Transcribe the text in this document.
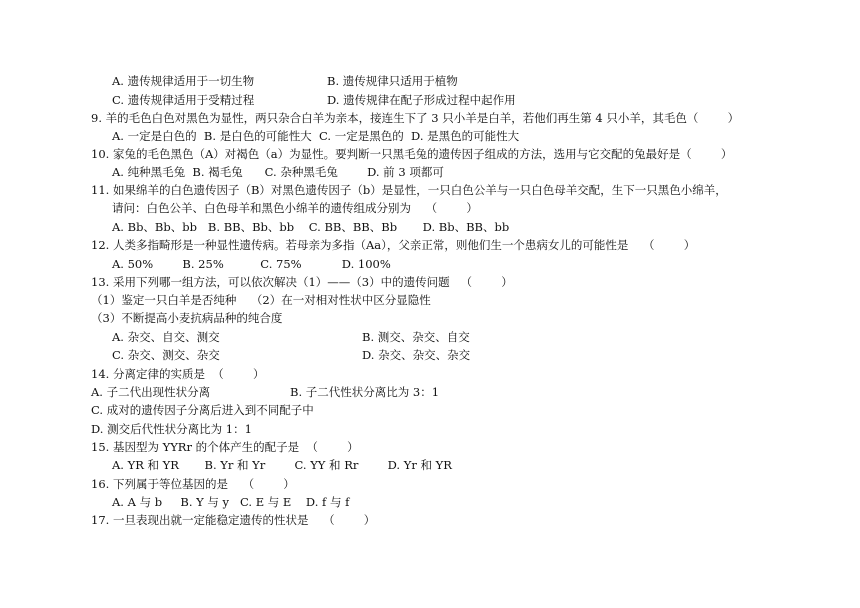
A. 遗传规律适用于一切生物	B. 遗传规律只适用于植物
C. 遗传规律适用于受精过程	D. 遗传规律在配子形成过程中起作用
9. 羊的毛色白色对黑色为显性，两只杂合白羊为亲本，接连生下了 3 只小羊是白羊，若他们再生第 4 只小羊，其毛色（        ）
A. 一定是白色的  B. 是白色的可能性大  C. 一定是黑色的  D. 是黑色的可能性大
10. 家兔的毛色黑色（A）对褐色（a）为显性。要判断一只黑毛兔的遗传因子组成的方法，选用与它交配的兔最好是（        ）
A. 纯种黑毛兔  B. 褐毛兔      C. 杂种黑毛兔        D. 前 3 项都可
11. 如果绵羊的白色遗传因子（B）对黑色遗传因子（b）是显性，一只白色公羊与一只白色母羊交配，生下一只黑色小绵羊，
请问：白色公羊、白色母羊和黑色小绵羊的遗传组成分别为    （        ）
A. Bb、Bb、bb   B. BB、Bb、bb    C. BB、BB、Bb       D. Bb、BB、bb
12. 人类多指畸形是一种显性遗传病。若母亲为多指（Aa），父亲正常，则他们生一个患病女儿的可能性是    （        ）
A. 50%        B. 25%          C. 75%           D. 100%
13. 采用下列哪一组方法，可以依次解决（1）——（3）中的遗传问题   （        ）
（1）鉴定一只白羊是否纯种    （2）在一对相对性状中区分显隐性
（3）不断提高小麦抗病品种的纯合度
A. 杂交、自交、测交	B. 测交、杂交、自交
C. 杂交、测交、杂交	D. 杂交、杂交、杂交
14. 分离定律的实质是  （        ）
A. 子二代出现性状分离	B. 子二代性状分离比为 3：1
C. 成对的遗传因子分离后进入到不同配子中
D. 测交后代性状分离比为 1：1
15. 基因型为 YYRr 的个体产生的配子是  （        ）
A. YR 和 YR       B. Yr 和 Yr        C. YY 和 Rr        D. Yr 和 YR
16. 下列属于等位基因的是    （        ）
A. A 与 b     B. Y 与 y   C. E 与 E    D. f 与 f
17. 一旦表现出就一定能稳定遗传的性状是    （        ）
